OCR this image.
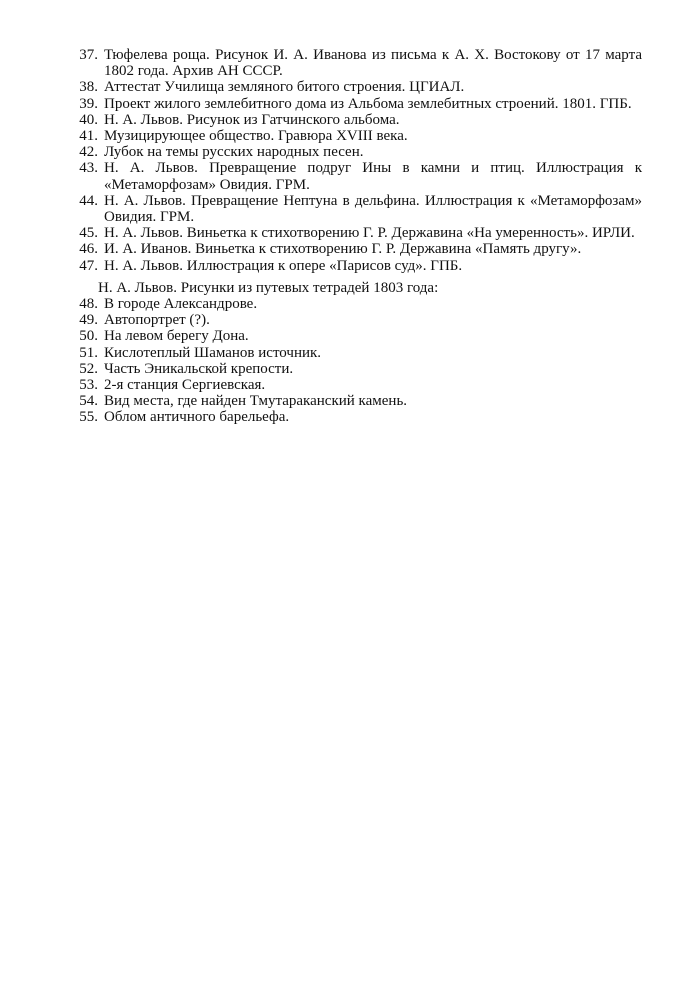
37. Тюфелева роща. Рисунок И. А. Иванова из письма к А. Х. Востокову от 17 марта 1802 года. Архив АН СССР.
38. Аттестат Училища земляного битого строения. ЦГИАЛ.
39. Проект жилого землебитного дома из Альбома землебитных строений. 1801. ГПБ.
40. Н. А. Львов. Рисунок из Гатчинского альбома.
41. Музицирующее общество. Гравюра XVIII века.
42. Лубок на темы русских народных песен.
43. Н. А. Львов. Превращение подруг Ины в камни и птиц. Иллюстрация к «Метаморфозам» Овидия. ГРМ.
44. Н. А. Львов. Превращение Нептуна в дельфина. Иллюстрация к «Метаморфозам» Овидия. ГРМ.
45. Н. А. Львов. Виньетка к стихотворению Г. Р. Державина «На умеренность». ИРЛИ.
46. И. А. Иванов. Виньетка к стихотворению Г. Р. Державина «Память другу».
47. Н. А. Львов. Иллюстрация к опере «Парисов суд». ГПБ.
Н. А. Львов. Рисунки из путевых тетрадей 1803 года:
48. В городе Александрове.
49. Автопортрет (?).
50. На левом берегу Дона.
51. Кислотеплый Шаманов источник.
52. Часть Эникальской крепости.
53. 2-я станция Сергиевская.
54. Вид места, где найден Тмутараканский камень.
55. Облом античного барельефа.
